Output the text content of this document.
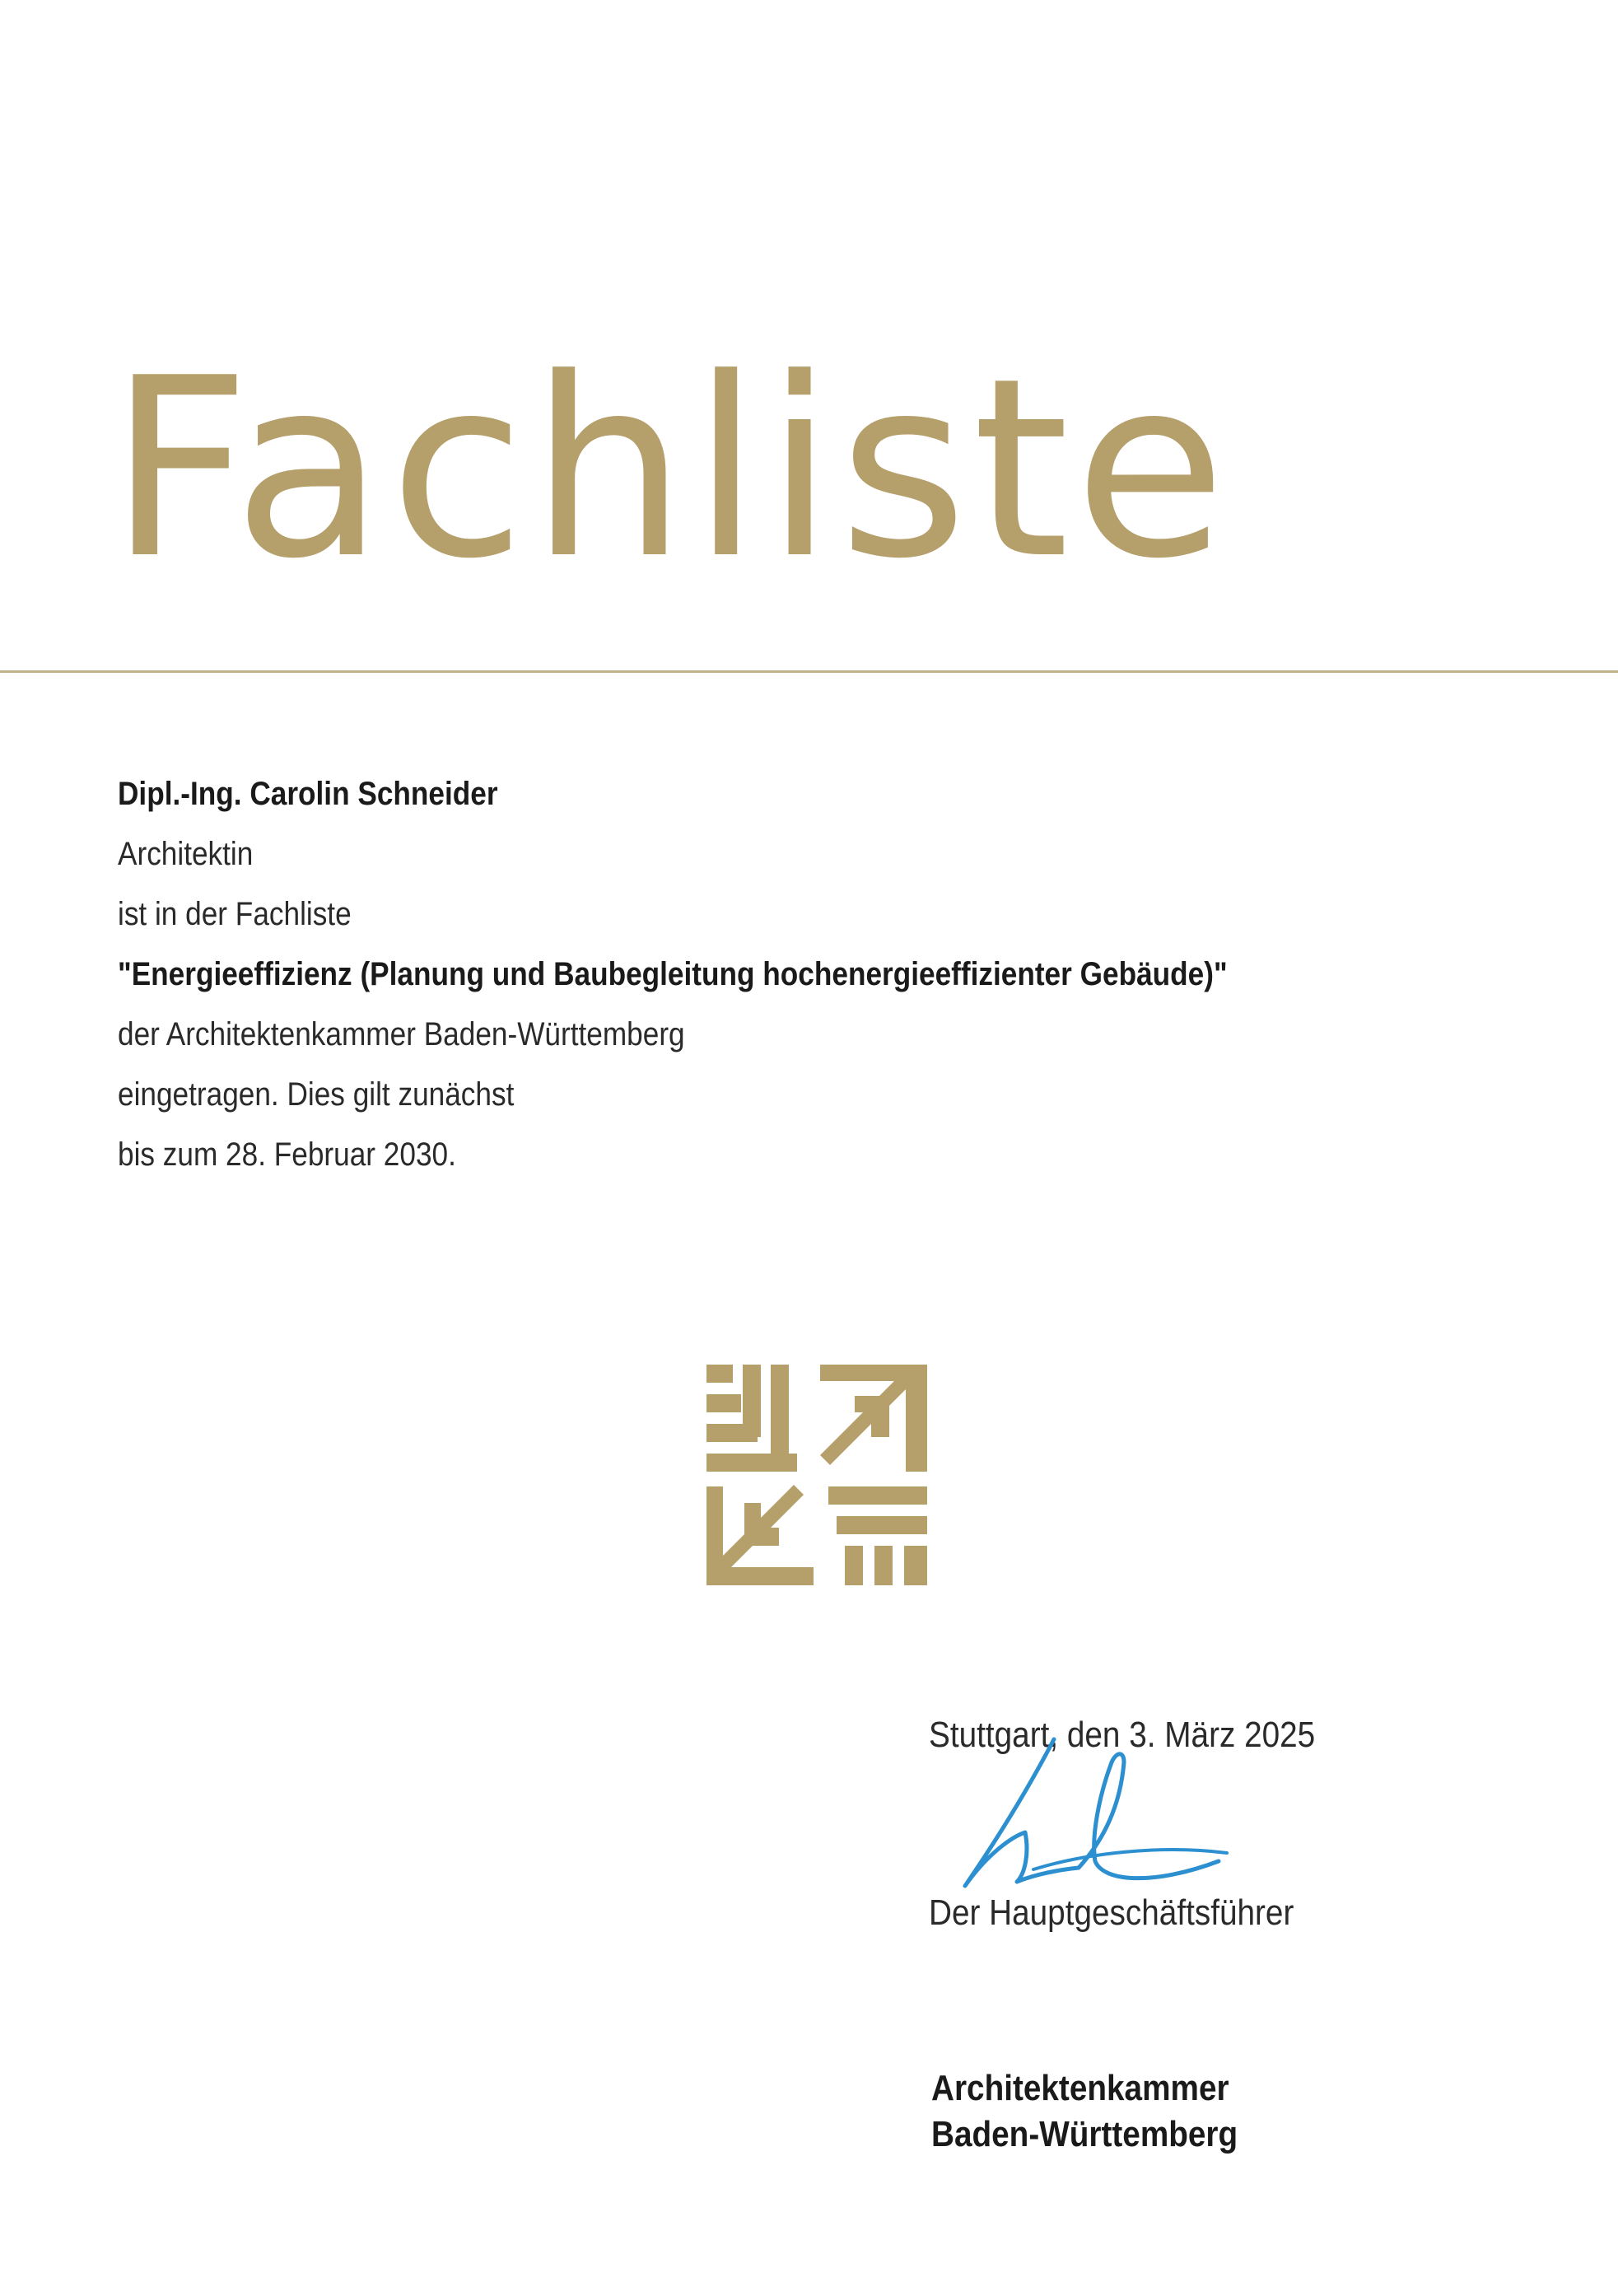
Fachliste
Dipl.-Ing. Carolin Schneider
Architektin
ist in der Fachliste
"Energieeffizienz (Planung und Baubegleitung hochenergieeffizienter Gebäude)"
der Architektenkammer Baden-Württemberg
eingetragen. Dies gilt zunächst
bis zum 28. Februar 2030.
Stuttgart, den 3. März 2025
Der Hauptgeschäftsführer
Architektenkammer
Baden-Württemberg
